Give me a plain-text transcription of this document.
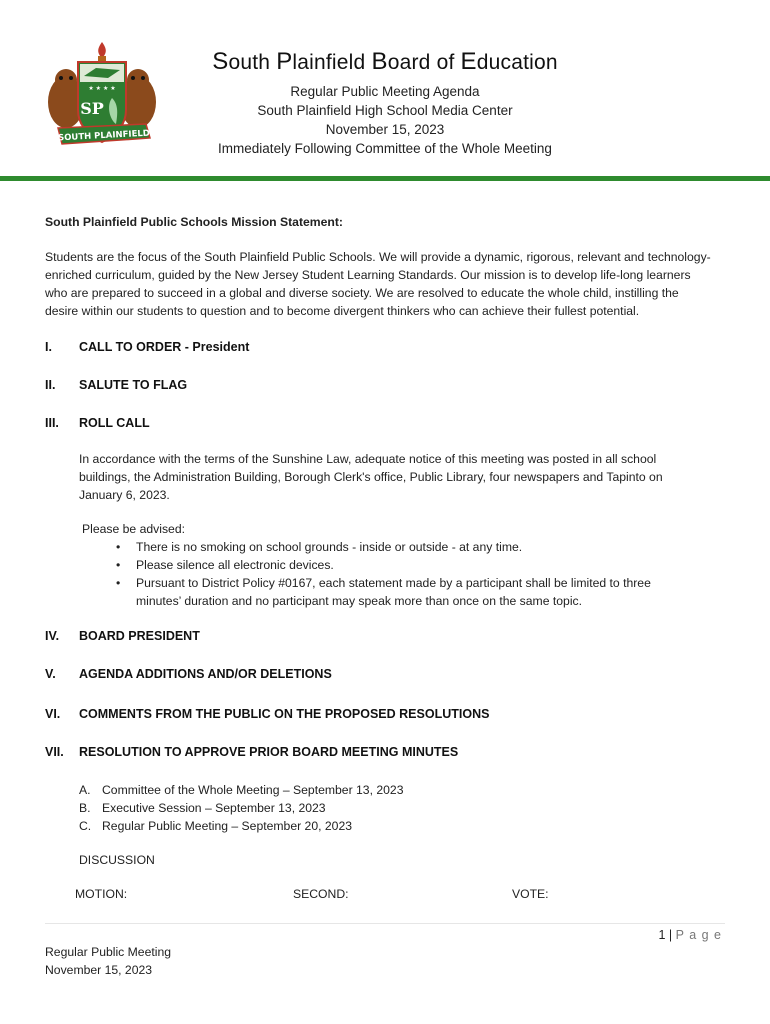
★ ★ ★ ★
SP
SOUTH PLAINFIELD
South Plainfield Board of Education
Regular Public Meeting Agenda
South Plainfield High School Media Center
November 15, 2023
Immediately Following Committee of the Whole Meeting
South Plainfield Public Schools Mission Statement:
Students are the focus of the South Plainfield Public Schools. We will provide a dynamic, rigorous, relevant and technology-
enriched curriculum, guided by the New Jersey Student Learning Standards. Our mission is to develop life-long learners
who are prepared to succeed in a global and diverse society. We are resolved to educate the whole child, instilling the
desire within our students to question and to become divergent thinkers who can achieve their fullest potential.
I. CALL TO ORDER - President
II. SALUTE TO FLAG
III. ROLL CALL
In accordance with the terms of the Sunshine Law, adequate notice of this meeting was posted in all school
buildings, the Administration Building, Borough Clerk's office, Public Library, four newspapers and Tapinto on
January 6, 2023.
Please be advised:
• There is no smoking on school grounds - inside or outside - at any time.
• Please silence all electronic devices.
• Pursuant to District Policy #0167, each statement made by a participant shall be limited to three
minutes’ duration and no participant may speak more than once on the same topic.
IV. BOARD PRESIDENT
V. AGENDA ADDITIONS AND/OR DELETIONS
VI. COMMENTS FROM THE PUBLIC ON THE PROPOSED RESOLUTIONS
VII. RESOLUTION TO APPROVE PRIOR BOARD MEETING MINUTES
A. Committee of the Whole Meeting – September 13, 2023
B. Executive Session – September 13, 2023
C. Regular Public Meeting – September 20, 2023
DISCUSSION
MOTION:	SECOND:	VOTE:
1 | P a g e
Regular Public Meeting
November 15, 2023
